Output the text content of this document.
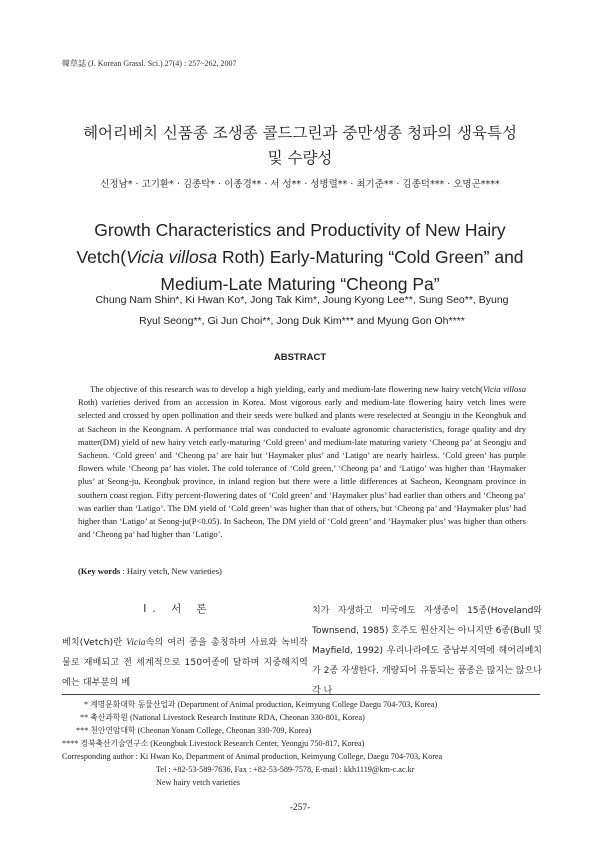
韓草誌 (J. Korean Grassl. Sci.) 27(4) : 257~262, 2007
헤어리베치 신품종 조생종 콜드그린과 중만생종 청파의 생육특성
및 수량성
신정남* · 고기환* · 김종탁* · 이종경** · 서 성** · 성병렬** · 최기준** · 김종덕*** · 오명곤****
Growth Characteristics and Productivity of New Hairy
Vetch(Vicia villosa Roth) Early-Maturing “Cold Green” and
Medium-Late Maturing “Cheong Pa”
Chung Nam Shin*, Ki Hwan Ko*, Jong Tak Kim*, Joung Kyong Lee**, Sung Seo**, Byung
Ryul Seong**, Gi Jun Choi**, Jong Duk Kim*** and Myung Gon Oh****
ABSTRACT

The objective of this research was to develop a high yielding, early and medium-late flowering new hairy vetch(Vicia villosa Roth) varieties derived from an accession in Korea. Most vigorous early and medium-late flowering hairy vetch lines were selected and crossed by open pollination and their seeds were bulked and plants were reselected at Seongju in the Keongbuk and at Sacheon in the Keongnam. A performance trial was conducted to evaluate agronomic characteristics, forage quality and dry matter(DM) yield of new hairy vetch early-maturing ‘Cold green’ and medium-late maturing variety ‘Cheong pa’ at Seongju and Sacheon. ‘Cold green’ and ‘Cheong pa’ are hair but ‘Haymaker plus’ and ‘Latigo’ are nearly hairless. ‘Cold green’ has purple flowers while ‘Cheong pa’ has violet. The cold tolerance of ‘Cold green,’ ‘Cheong pa’ and ‘Latigo’ was higher than ‘Haymaker plus’ at Seong-ju, Keongbuk province, in inland region but there were a little differences at Sacheon, Keongnam province in southern coast region. Fifty percent-flowering dates of ‘Cold green’ and ‘Haymaker plus’ had earlier than others and ‘Cheong pa’ was earlier than ‘Latigo’. The DM yield of ‘Cold green’ was higher than that of others, but ‘Cheong pa’ and ‘Haymaker plus’ had higher than ‘Latigo’ at Seong-ju(P<0.05). In Sacheon, The DM yield of ‘Cold green’ and ‘Haymaker plus’ was higher than others and ‘Cheong pa’ had higher than ‘Latigo’.

(Key words : Hairy vetch, New varieties)
Ⅰ. 서 론

베치(Vetch)란 Vicia속의 여러 종을 총칭하며 사료와 녹비작물로 재배되고 전 세계적으로 150여종에 달하며 지중해지역에는 대부분의 베

치가 자생하고 미국에도 자생종이 15종(Hoveland와 Townsend, 1985) 호주도 원산지는 아니지만 6종(Bull 및 Mayfield, 1992) 우리나라에도 중남부지역에 헤어리베치가 2종 자생한다. 개량되어 유통되는 품종은 많지는 않으나 각 나

* 계명문화대학 동물산업과 (Department of Animal production, Keimyung College Daegu 704-703, Korea)
** 축산과학원 (National Livestock Research Institute RDA, Cheonan 330-801, Korea)
*** 천안연암대학 (Cheonan Yonam College, Cheonan 330-709, Korea)
**** 경북축산기술연구소 (Keongbuk Livestock Research Center, Yeongju 750-817, Korea)
Corresponding author : Ki Hwan Ko, Department of Animal production, Keimyung College, Daegu 704-703, Korea
Tel : +82-53-589-7636, Fax : +82-53-589-7578, E-mail : kkh1119@km-c.ac.kr
New hairy vetch varieties
-257-
